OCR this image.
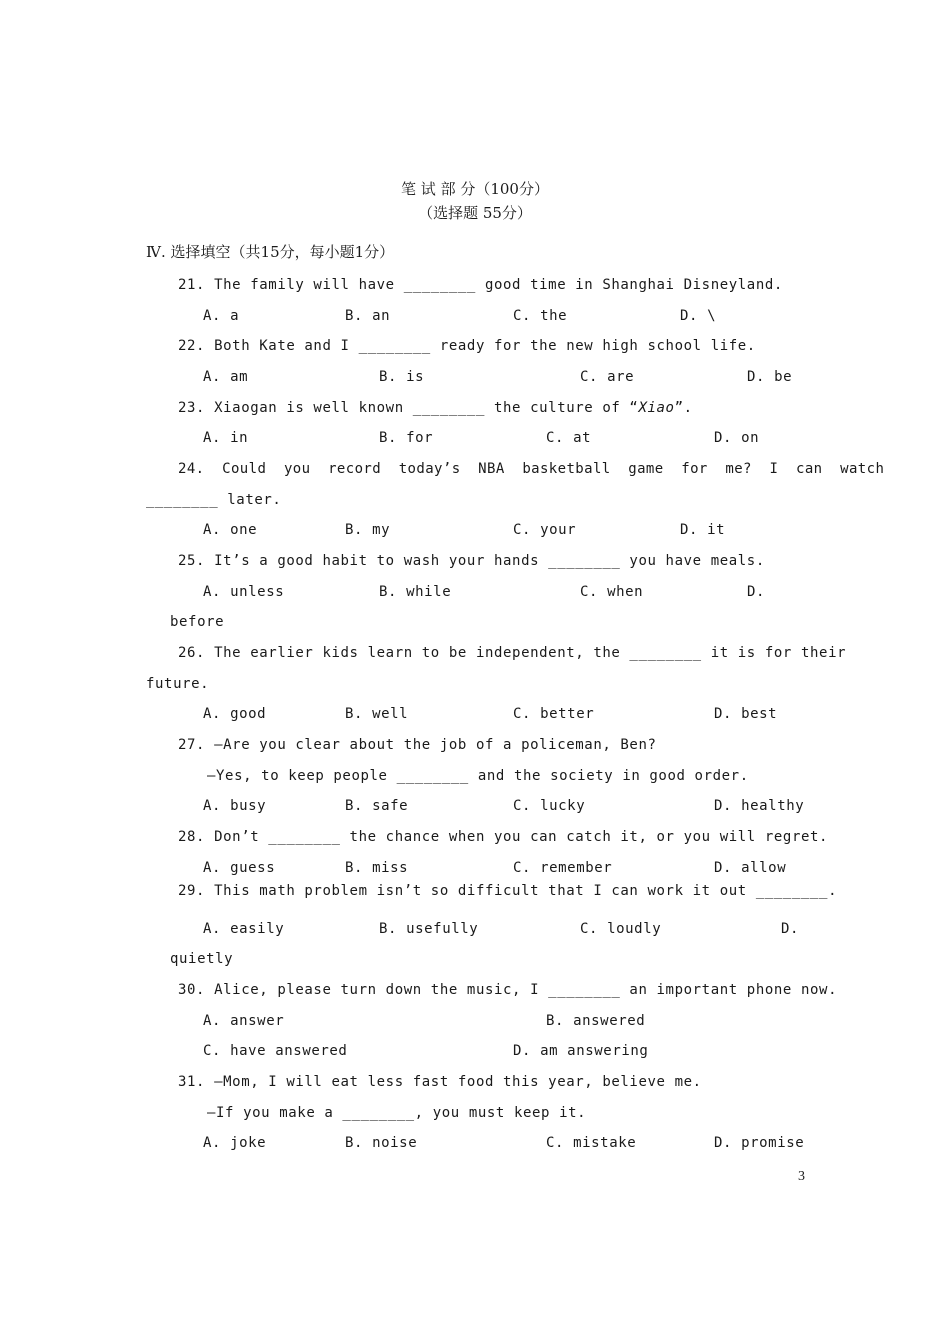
笔 试 部 分（100分）
（选择题 55分）
Ⅳ. 选择填空（共15分，每小题1分）
21. The family will have ________ good time in Shanghai Disneyland.
A. a	B. an	C. the	D. \
22. Both Kate and I ________ ready for the new high school life.
A. am	B. is	C. are	D. be
23. Xiaogan is well known ________ the culture of “Xiao”.
A. in	B. for	C. at	D. on
24.  Could  you  record  today’s  NBA  basketball  game  for  me?  I  can  watch
________ later.
A. one	B. my	C. your	D. it
25. It’s a good habit to wash your hands ________ you have meals.
A. unless	B. while	C. when	D.
before
26. The earlier kids learn to be independent, the ________ it is for their
future.
A. good	B. well	C. better	D. best
27. —Are you clear about the job of a policeman, Ben?
—Yes, to keep people ________ and the society in good order.
A. busy	B. safe	C. lucky	D. healthy
28. Don’t ________ the chance when you can catch it, or you will regret.
A. guess	B. miss	C. remember	D. allow
29. This math problem isn’t so difficult that I can work it out ________.
A. easily	B. usefully	C. loudly	D.
quietly
30. Alice, please turn down the music, I ________ an important phone now.
A. answer	B. answered
C. have answered	D. am answering
31. —Mom, I will eat less fast food this year, believe me.
—If you make a ________, you must keep it.
A. joke	B. noise	C. mistake	D. promise
3
